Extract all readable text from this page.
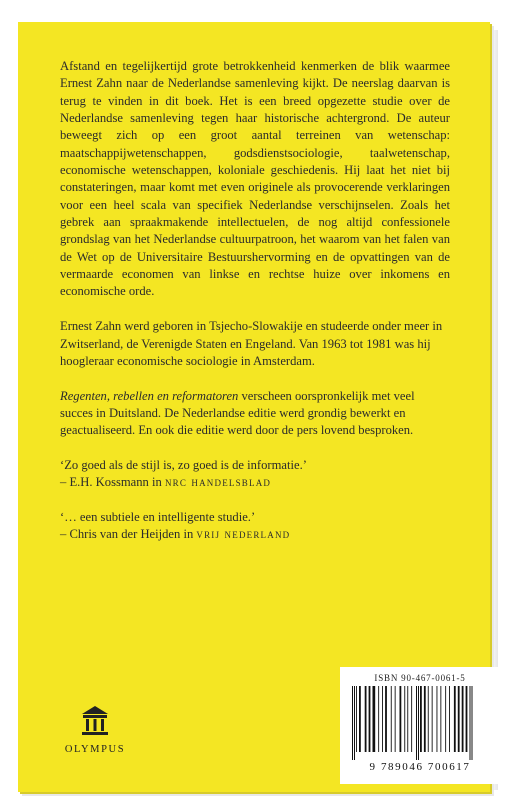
Afstand en tegelijkertijd grote betrokkenheid kenmerken de blik waarmee Ernest Zahn naar de Nederlandse samenleving kijkt. De neerslag daarvan is terug te vinden in dit boek. Het is een breed opgezette studie over de Nederlandse samenleving tegen haar historische achtergrond. De auteur beweegt zich op een groot aantal terreinen van wetenschap: maatschappijwetenschappen, godsdienstsociologie, taalwetenschap, economische wetenschappen, koloniale geschiedenis. Hij laat het niet bij constateringen, maar komt met even originele als provocerende verklaringen voor een heel scala van specifiek Nederlandse verschijnselen. Zoals het gebrek aan spraakmakende intellectuelen, de nog altijd confessionele grondslag van het Nederlandse cultuurpatroon, het waarom van het falen van de Wet op de Universitaire Bestuurshervorming en de opvattingen van de vermaarde economen van linkse en rechtse huize over inkomens en economische orde.

Ernest Zahn werd geboren in Tsjecho-Slowakije en studeerde onder meer in Zwitserland, de Verenigde Staten en Engeland. Van 1963 tot 1981 was hij hoogleraar economische sociologie in Amsterdam.

Regenten, rebellen en reformatoren verscheen oorspronkelijk met veel succes in Duitsland. De Nederlandse editie werd grondig bewerkt en geactualiseerd. En ook die editie werd door de pers lovend besproken.

‘Zo goed als de stijl is, zo goed is de informatie.’
– E.H. Kossmann in nrc handelsblad
‘… een subtiele en intelligente studie.’
– Chris van der Heijden in vrij nederland
OLYMPUS
ISBN 90-467-0061-5
9 789046 700617
